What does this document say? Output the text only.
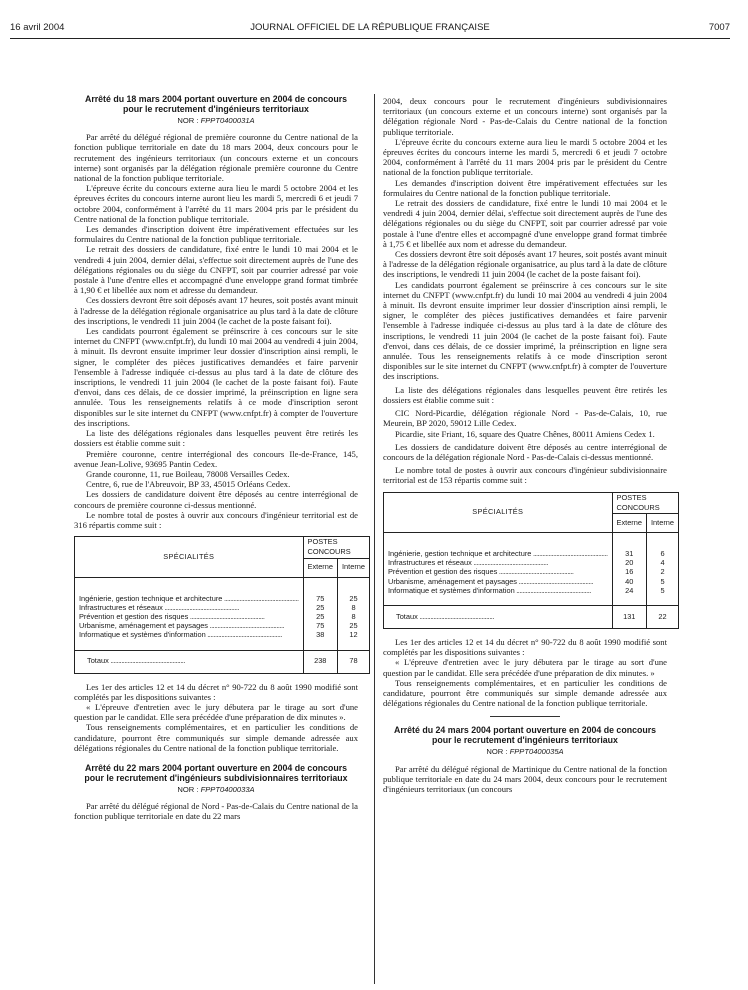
16 avril 2004	JOURNAL OFFICIEL DE LA RÉPUBLIQUE FRANÇAISE	7007
Arrêté du 18 mars 2004 portant ouverture en 2004 de concours pour le recrutement d'ingénieurs territoriaux
NOR : FPPT0400031A

Par arrêté du délégué régional de première couronne du Centre national de la fonction publique territoriale en date du 18 mars 2004, deux concours pour le recrutement des ingénieurs territoriaux (un concours externe et un concours interne) sont organisés par la délégation régionale première couronne du Centre national de la fonction publique territoriale.

L'épreuve écrite du concours externe aura lieu le mardi 5 octobre 2004 et les épreuves écrites du concours interne auront lieu les mardi 5, mercredi 6 et jeudi 7 octobre 2004, conformément à l'arrêté du 11 mars 2004 pris par le président du Centre national de la fonction publique territoriale.

Les demandes d'inscription doivent être impérativement effectuées sur les formulaires du Centre national de la fonction publique territoriale.

Le retrait des dossiers de candidature, fixé entre le lundi 10 mai 2004 et le vendredi 4 juin 2004, dernier délai, s'effectue soit directement auprès de l'une des délégations régionales ou du siège du CNFPT, soit par courrier adressé par voie postale à l'une d'entre elles et accompagné d'une enveloppe grand format timbrée à 1,90 € et libellée aux nom et adresse du demandeur.

Ces dossiers devront être soit déposés avant 17 heures, soit postés avant minuit à l'adresse de la délégation régionale organisatrice au plus tard à la date de clôture des inscriptions, le vendredi 11 juin 2004 (le cachet de la poste faisant foi).

Les candidats pourront également se préinscrire à ces concours sur le site internet du CNFPT (www.cnfpt.fr), du lundi 10 mai 2004 au vendredi 4 juin 2004, à minuit. Ils devront ensuite imprimer leur dossier d'inscription ainsi rempli, le signer, le compléter des pièces justificatives demandées et faire parvenir l'ensemble à l'adresse indiquée ci-dessus au plus tard à la date de clôture des inscriptions, le vendredi 11 juin 2004 (le cachet de la poste faisant foi). Faute d'envoi, dans ces délais, de ce dossier imprimé, la préinscription en ligne sera annulée. Tous les renseignements relatifs à ce mode d'inscription seront disponibles sur le site internet du CNFPT (www.cnfpt.fr) à compter de l'ouverture des inscriptions.

La liste des délégations régionales dans lesquelles peuvent être retirés les dossiers est établie comme suit :

Première couronne, centre interrégional des concours Ile-de-France, 145, avenue Jean-Lolive, 93695 Pantin Cedex.

Grande couronne, 11, rue Boileau, 78008 Versailles Cedex.

Centre, 6, rue de l'Abreuvoir, BP 33, 45015 Orléans Cedex.

Les dossiers de candidature doivent être déposés au centre interrégional de concours de première couronne ci-dessus mentionné.

Le nombre total de postes à ouvrir aux concours d'ingénieur territorial est de 316 répartis comme suit :

SPÉCIALITÉS	POSTES CONCOURS	
	Externe	Interne
Ingénierie, gestion technique et architecture .....	75	25
Infrastructures et réseaux .....	25	8
Prévention et gestion des risques .....	25	8
Urbanisme, aménagement et paysages .....	75	25
Informatique et systèmes d'information .....	38	12
Totaux .....	238	78

Les 1er des articles 12 et 14 du décret n° 90-722 du 8 août 1990 modifié sont complétés par les dispositions suivantes :

« L'épreuve d'entretien avec le jury débutera par le tirage au sort d'une question par le candidat. Elle sera précédée d'une préparation de dix minutes ».

Tous renseignements complémentaires, et en particulier les conditions de candidature, pourront être communiqués sur simple demande adressée aux délégations régionales du Centre national de la fonction publique territoriale.

Arrêté du 22 mars 2004 portant ouverture en 2004 de concours pour le recrutement d'ingénieurs subdivisionnaires territoriaux
NOR : FPPT0400033A

Par arrêté du délégué régional de Nord - Pas-de-Calais du Centre national de la fonction publique territoriale en date du 22 mars

2004, deux concours pour le recrutement d'ingénieurs subdivisionnaires territoriaux (un concours externe et un concours interne) sont organisés par la délégation régionale Nord - Pas-de-Calais du Centre national de la fonction publique territoriale.

L'épreuve écrite du concours externe aura lieu le mardi 5 octobre 2004 et les épreuves écrites du concours interne les mardi 5, mercredi 6 et jeudi 7 octobre 2004, conformément à l'arrêté du 11 mars 2004 pris par le président du Centre national de la fonction publique territoriale.

Les demandes d'inscription doivent être impérativement effectuées sur les formulaires du Centre national de la fonction publique territoriale.

Le retrait des dossiers de candidature, fixé entre le lundi 10 mai 2004 et le vendredi 4 juin 2004, dernier délai, s'effectue soit directement auprès de l'une des délégations régionales ou du siège du CNFPT, soit par courrier adressé par voie postale à l'une d'entre elles et accompagné d'une enveloppe grand format timbrée à 1,75 € et libellée aux nom et adresse du demandeur.

Ces dossiers devront être soit déposés avant 17 heures, soit postés avant minuit à l'adresse de la délégation régionale organisatrice, au plus tard à la date de clôture des inscriptions, le vendredi 11 juin 2004 (le cachet de la poste faisant foi).

Les candidats pourront également se préinscrire à ces concours sur le site internet du CNFPT (www.cnfpt.fr) du lundi 10 mai 2004 au vendredi 4 juin 2004 à minuit. Ils devront ensuite imprimer leur dossier d'inscription ainsi rempli, le signer, le compléter des pièces justificatives demandées et faire parvenir l'ensemble à l'adresse indiquée ci-dessus au plus tard à la date de clôture des inscriptions, le vendredi 11 juin 2004 (le cachet de la poste faisant foi). Faute d'envoi, dans ces délais, de ce dossier imprimé, la préinscription en ligne sera annulée. Tous les renseignements relatifs à ce mode d'inscription seront disponibles sur le site internet du CNFPT (www.cnfpt.fr) à compter de l'ouverture des inscriptions.

La liste des délégations régionales dans lesquelles peuvent être retirés les dossiers est établie comme suit :

CIC Nord-Picardie, délégation régionale Nord - Pas-de-Calais, 10, rue Meurein, BP 2020, 59012 Lille Cedex.

Picardie, site Friant, 16, square des Quatre Chênes, 80011 Amiens Cedex 1.

Les dossiers de candidature doivent être déposés au centre interrégional de concours de la délégation régionale Nord - Pas-de-Calais ci-dessus mentionné.

Le nombre total de postes à ouvrir aux concours d'ingénieur subdivisionnaire territorial est de 153 répartis comme suit :

SPÉCIALITÉS	POSTES CONCOURS	
	Externe	Interne
Ingénierie, gestion technique et architecture .....	31	6
Infrastructures et réseaux .....	20	4
Prévention et gestion des risques .....	16	2
Urbanisme, aménagement et paysages .....	40	5
Informatique et systèmes d'information .....	24	5
Totaux .....	131	22

Les 1er des articles 12 et 14 du décret n° 90-722 du 8 août 1990 modifié sont complétés par les dispositions suivantes :

« L'épreuve d'entretien avec le jury débutera par le tirage au sort d'une question par le candidat. Elle sera précédée d'une préparation de dix minutes. »

Tous renseignements complémentaires, et en particulier les conditions de candidature, pourront être communiqués sur simple demande adressée aux délégations régionales du Centre national de la fonction publique territoriale.

Arrêté du 24 mars 2004 portant ouverture en 2004 de concours pour le recrutement d'ingénieurs territoriaux
NOR : FPPT0400035A

Par arrêté du délégué régional de Martinique du Centre national de la fonction publique territoriale en date du 24 mars 2004, deux concours pour le recrutement d'ingénieurs territoriaux (un concours
